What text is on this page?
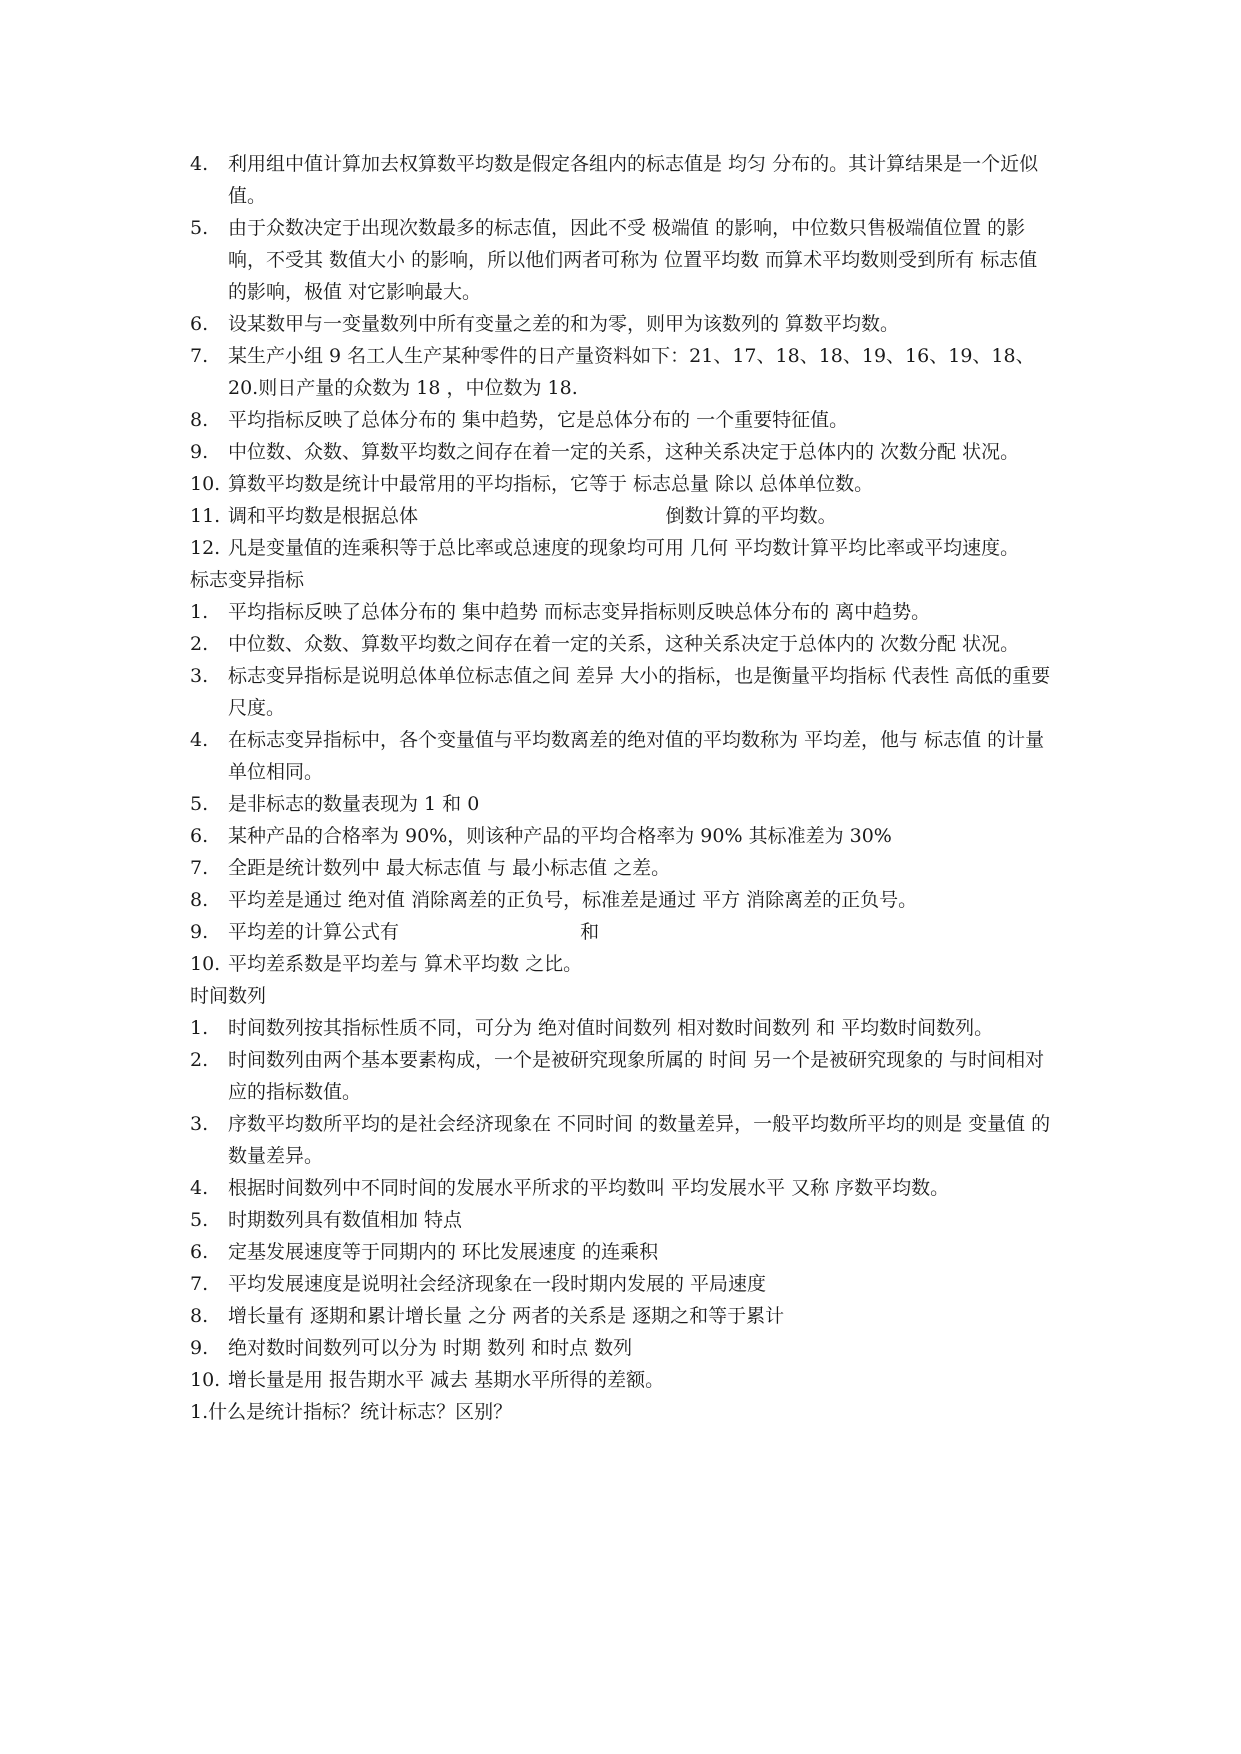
4.	利用组中值计算加去权算数平均数是假定各组内的标志值是 均匀 分布的。其计算结果是一个近似值。
5.	由于众数决定于出现次数最多的标志值，因此不受 极端值 的影响，中位数只售极端值位置 的影响，不受其 数值大小 的影响，所以他们两者可称为 位置平均数 而算术平均数则受到所有 标志值 的影响，极值 对它影响最大。
6.	设某数甲与一变量数列中所有变量之差的和为零，则甲为该数列的 算数平均数。
7.	某生产小组 9 名工人生产某种零件的日产量资料如下：21、17、18、18、19、16、19、18、20.则日产量的众数为 18 ，中位数为 18.
8.	平均指标反映了总体分布的 集中趋势，它是总体分布的 一个重要特征值。
9.	中位数、众数、算数平均数之间存在着一定的关系，这种关系决定于总体内的 次数分配 状况。
10. 算数平均数是统计中最常用的平均指标，它等于 标志总量 除以 总体单位数。
11. 调和平均数是根据总体                                         倒数计算的平均数。
12. 凡是变量值的连乘积等于总比率或总速度的现象均可用 几何 平均数计算平均比率或平均速度。

标志变异指标

1.	平均指标反映了总体分布的 集中趋势 而标志变异指标则反映总体分布的 离中趋势。
2.	中位数、众数、算数平均数之间存在着一定的关系，这种关系决定于总体内的 次数分配 状况。
3.	标志变异指标是说明总体单位标志值之间 差异 大小的指标，也是衡量平均指标 代表性 高低的重要尺度。
4.	在标志变异指标中，各个变量值与平均数离差的绝对值的平均数称为 平均差，他与 标志值 的计量单位相同。
5.	是非标志的数量表现为 1 和 0
6.	某种产品的合格率为 90%，则该种产品的平均合格率为 90% 其标准差为 30%
7.	全距是统计数列中 最大标志值 与 最小标志值 之差。
8.	平均差是通过 绝对值 消除离差的正负号，标准差是通过 平方 消除离差的正负号。
9.	平均差的计算公式有                              和
10. 平均差系数是平均差与 算术平均数 之比。

时间数列

1.	时间数列按其指标性质不同，可分为 绝对值时间数列 相对数时间数列 和 平均数时间数列。
2.	时间数列由两个基本要素构成，一个是被研究现象所属的 时间 另一个是被研究现象的 与时间相对应的指标数值。
3.	序数平均数所平均的是社会经济现象在 不同时间 的数量差异，一般平均数所平均的则是 变量值 的数量差异。
4.	根据时间数列中不同时间的发展水平所求的平均数叫 平均发展水平 又称 序数平均数。
5.	时期数列具有数值相加 特点
6.	定基发展速度等于同期内的 环比发展速度 的连乘积
7.	平均发展速度是说明社会经济现象在一段时期内发展的 平局速度
8.	增长量有 逐期和累计增长量 之分 两者的关系是 逐期之和等于累计
9.	绝对数时间数列可以分为 时期 数列 和时点 数列
10. 增长量是用 报告期水平 减去 基期水平所得的差额。

1.什么是统计指标？统计标志？区别？
